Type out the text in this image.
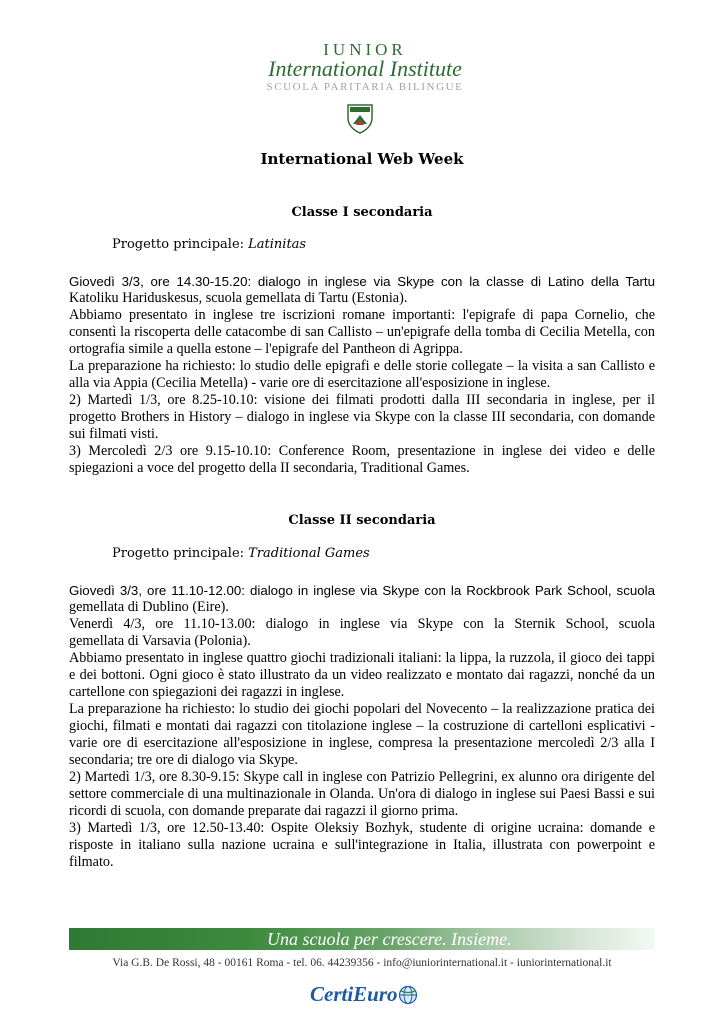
IUNIOR
International Institute
SCUOLA PARITARIA BILINGUE
International Web Week
Classe I secondaria
Progetto principale: Latinitas

Giovedì 3/3, ore 14.30-15.20: dialogo in inglese via Skype con la classe di Latino della Tartu

Katoliku Hariduskesus, scuola gemellata di Tartu (Estonia).

Abbiamo presentato in inglese tre iscrizioni romane importanti: l'epigrafe di papa Cornelio, che consentì la riscoperta delle catacombe di san Callisto – un'epigrafe della tomba di Cecilia Metella, con ortografia simile a quella estone – l'epigrafe del Pantheon di Agrippa.

La preparazione ha richiesto: lo studio delle epigrafi e delle storie collegate – la visita a san Callisto e alla via Appia (Cecilia Metella) - varie ore di esercitazione all'esposizione in inglese.

2) Martedì 1/3, ore 8.25-10.10: visione dei filmati prodotti dalla III secondaria in inglese, per il progetto Brothers in History – dialogo in inglese via Skype con la classe III secondaria, con domande sui filmati visti.

3) Mercoledì 2/3 ore 9.15-10.10: Conference Room, presentazione in inglese dei video e delle spiegazioni a voce del progetto della II secondaria, Traditional Games.

Classe II secondaria
Progetto principale: Traditional Games

Giovedì 3/3, ore 11.10-12.00: dialogo in inglese via Skype con la Rockbrook Park School, scuola

gemellata di Dublino (Eire).

Venerdì 4/3, ore 11.10-13.00: dialogo in inglese via Skype con la Sternik School, scuola

gemellata di Varsavia (Polonia).

Abbiamo presentato in inglese quattro giochi tradizionali italiani: la lippa, la ruzzola, il gioco dei tappi e dei bottoni. Ogni gioco è stato illustrato da un video realizzato e montato dai ragazzi, nonché da un cartellone con spiegazioni dei ragazzi in inglese.

La preparazione ha richiesto: lo studio dei giochi popolari del Novecento – la realizzazione pratica dei giochi, filmati e montati dai ragazzi con titolazione inglese – la costruzione di cartelloni esplicativi - varie ore di esercitazione all'esposizione in inglese, compresa la presentazione mercoledì 2/3 alla I secondaria; tre ore di dialogo via Skype.

2) Martedì 1/3, ore 8.30-9.15: Skype call in inglese con Patrizio Pellegrini, ex alunno ora dirigente del settore commerciale di una multinazionale in Olanda. Un'ora di dialogo in inglese sui Paesi Bassi e sui ricordi di scuola, con domande preparate dai ragazzi il giorno prima.

3) Martedì 1/3, ore 12.50-13.40: Ospite Oleksiy Bozhyk, studente di origine ucraina: domande e risposte in italiano sulla nazione ucraina e sull'integrazione in Italia, illustrata con powerpoint e filmato.

Una scuola per crescere. Insieme.
Via G.B. De Rossi, 48 - 00161 Roma - tel. 06. 44239356 - info@iuniorinternational.it - iuniorinternational.it
CertiEuro
